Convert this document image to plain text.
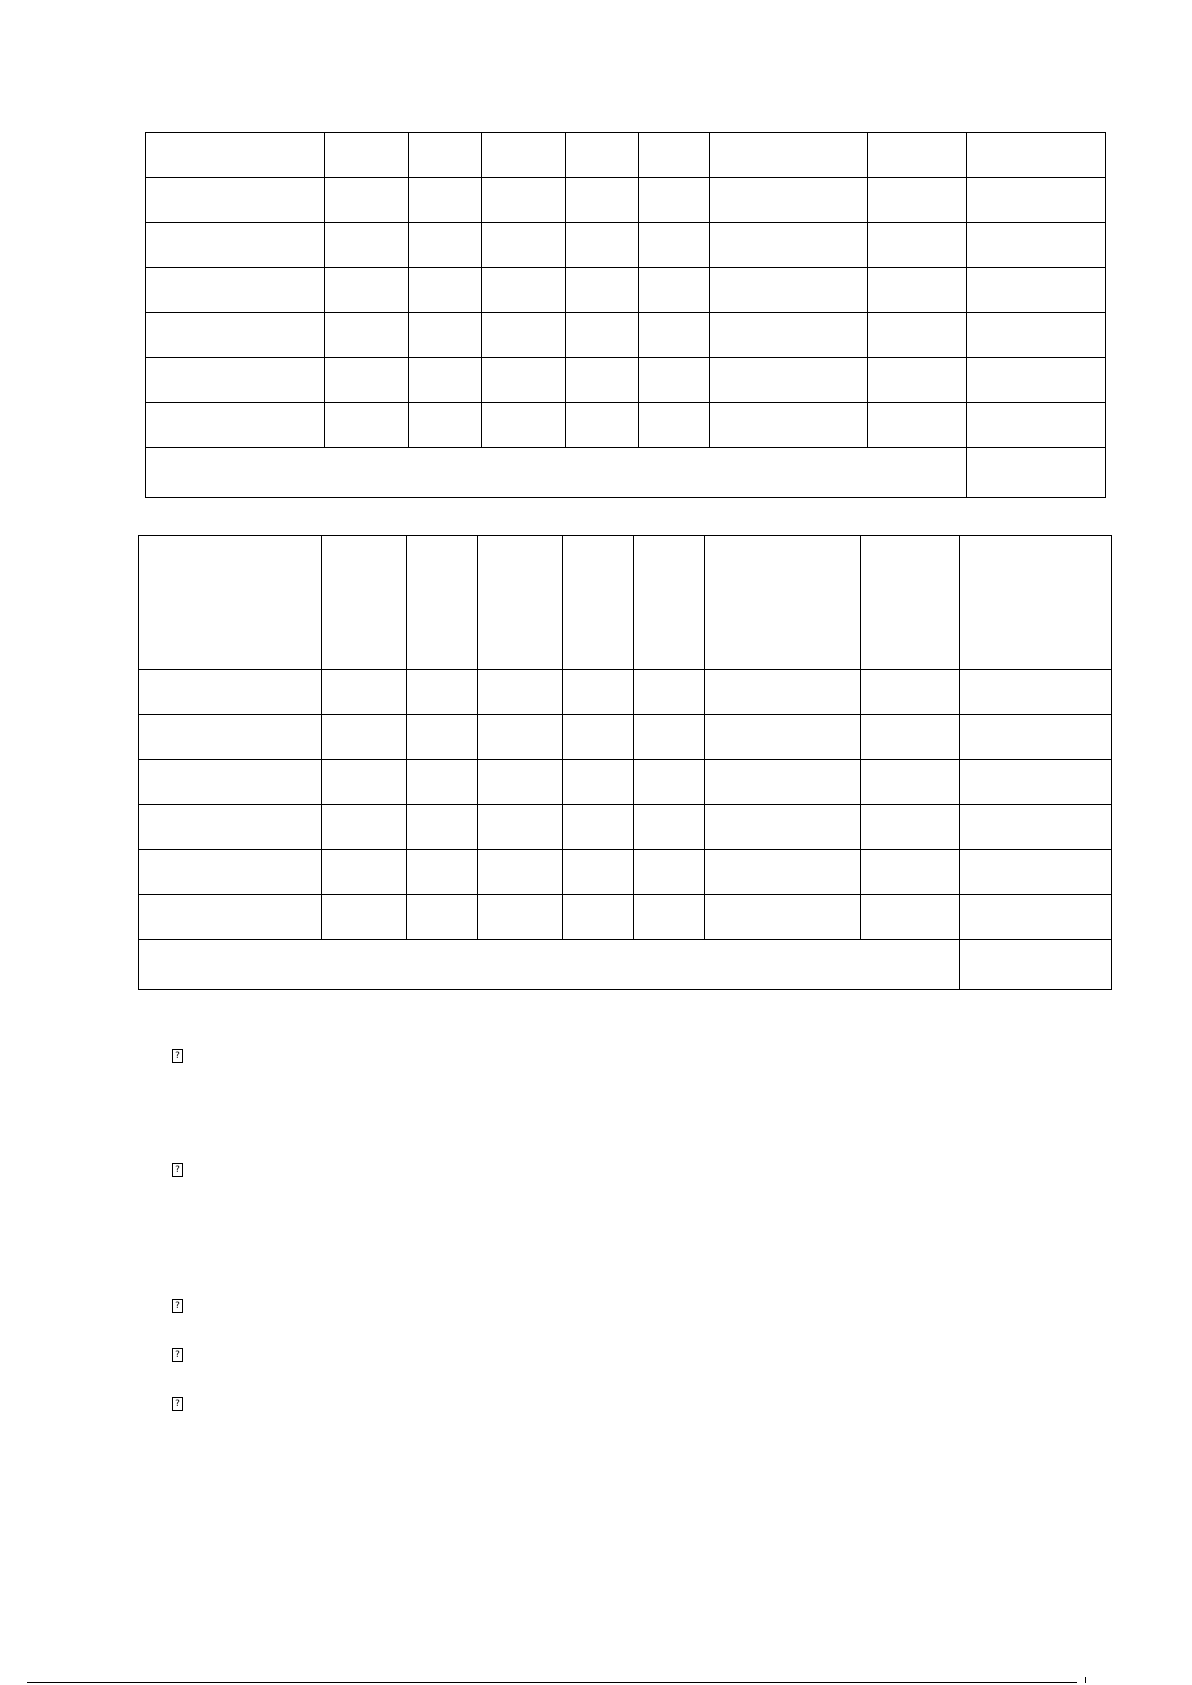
?
?
?
?
?
